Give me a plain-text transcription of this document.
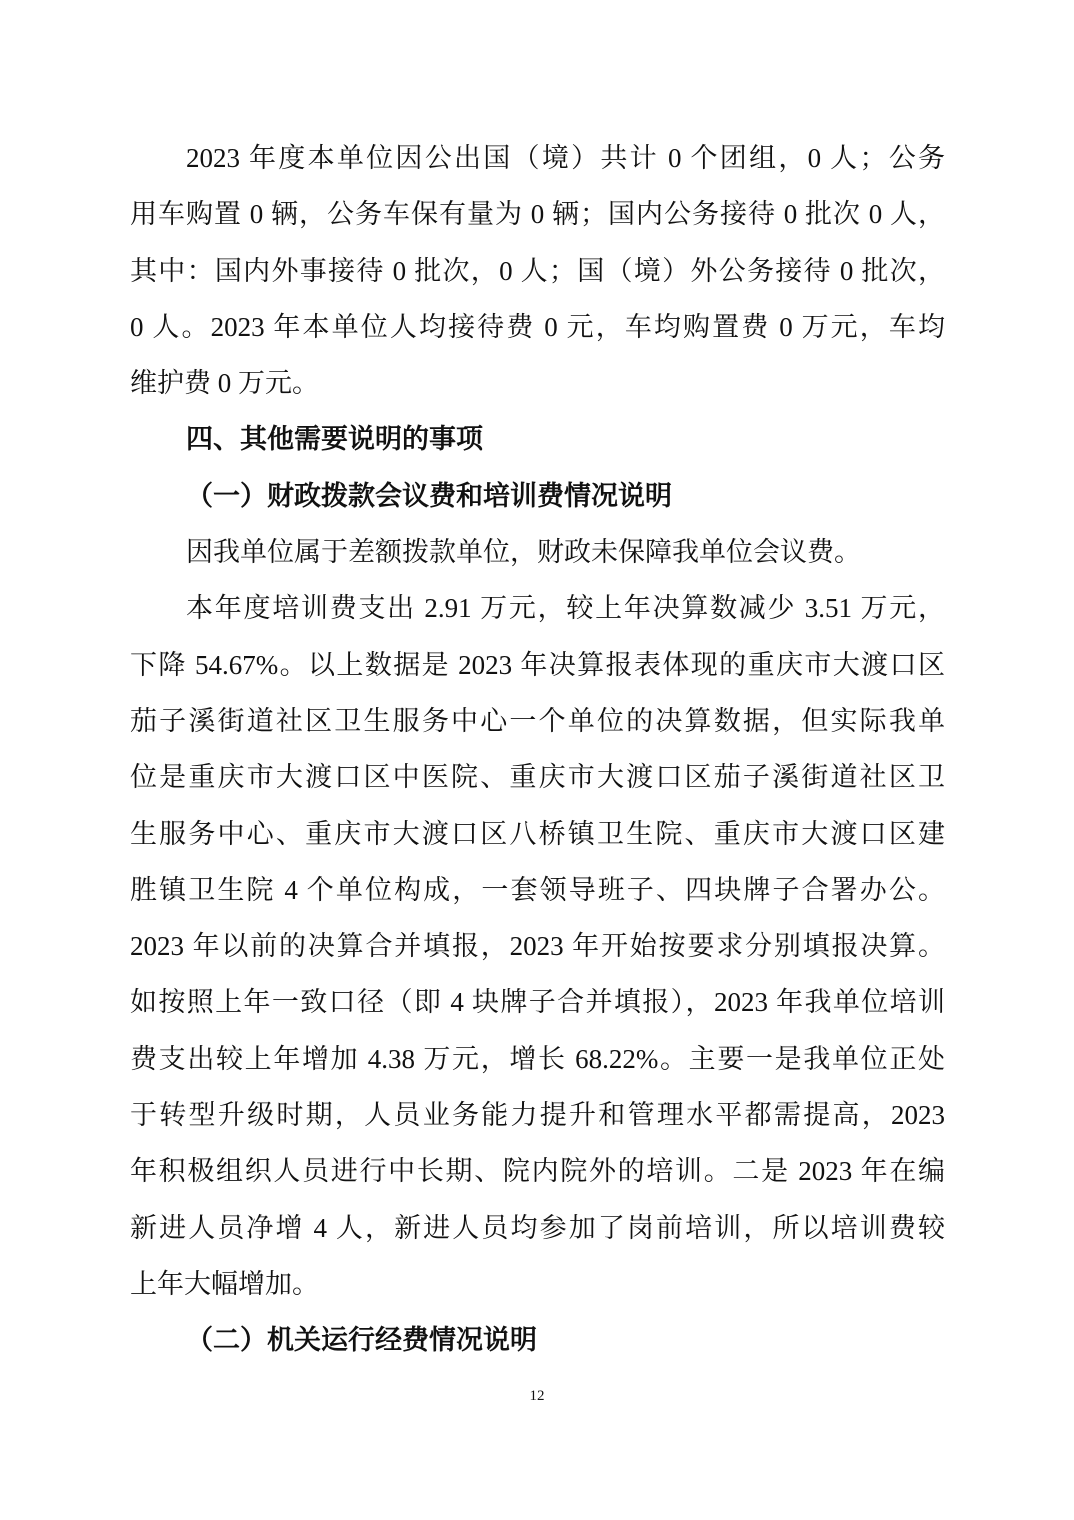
2023 年度本单位因公出国（境）共计 0 个团组，0 人；公务
用车购置 0 辆，公务车保有量为 0 辆；国内公务接待 0 批次 0 人，
其中：国内外事接待 0 批次，0 人；国（境）外公务接待 0 批次，
0 人。2023 年本单位人均接待费 0 元，车均购置费 0 万元，车均
维护费 0 万元。
四、其他需要说明的事项
（一）财政拨款会议费和培训费情况说明
因我单位属于差额拨款单位，财政未保障我单位会议费。
本年度培训费支出 2.91 万元，较上年决算数减少 3.51 万元，
下降 54.67%。以上数据是 2023 年决算报表体现的重庆市大渡口区
茄子溪街道社区卫生服务中心一个单位的决算数据，但实际我单
位是重庆市大渡口区中医院、重庆市大渡口区茄子溪街道社区卫
生服务中心、重庆市大渡口区八桥镇卫生院、重庆市大渡口区建
胜镇卫生院 4 个单位构成，一套领导班子、四块牌子合署办公。
2023 年以前的决算合并填报，2023 年开始按要求分别填报决算。
如按照上年一致口径（即 4 块牌子合并填报），2023 年我单位培训
费支出较上年增加 4.38 万元，增长 68.22%。主要一是我单位正处
于转型升级时期，人员业务能力提升和管理水平都需提高，2023
年积极组织人员进行中长期、院内院外的培训。二是 2023 年在编
新进人员净增 4 人，新进人员均参加了岗前培训，所以培训费较
上年大幅增加。
（二）机关运行经费情况说明
12
